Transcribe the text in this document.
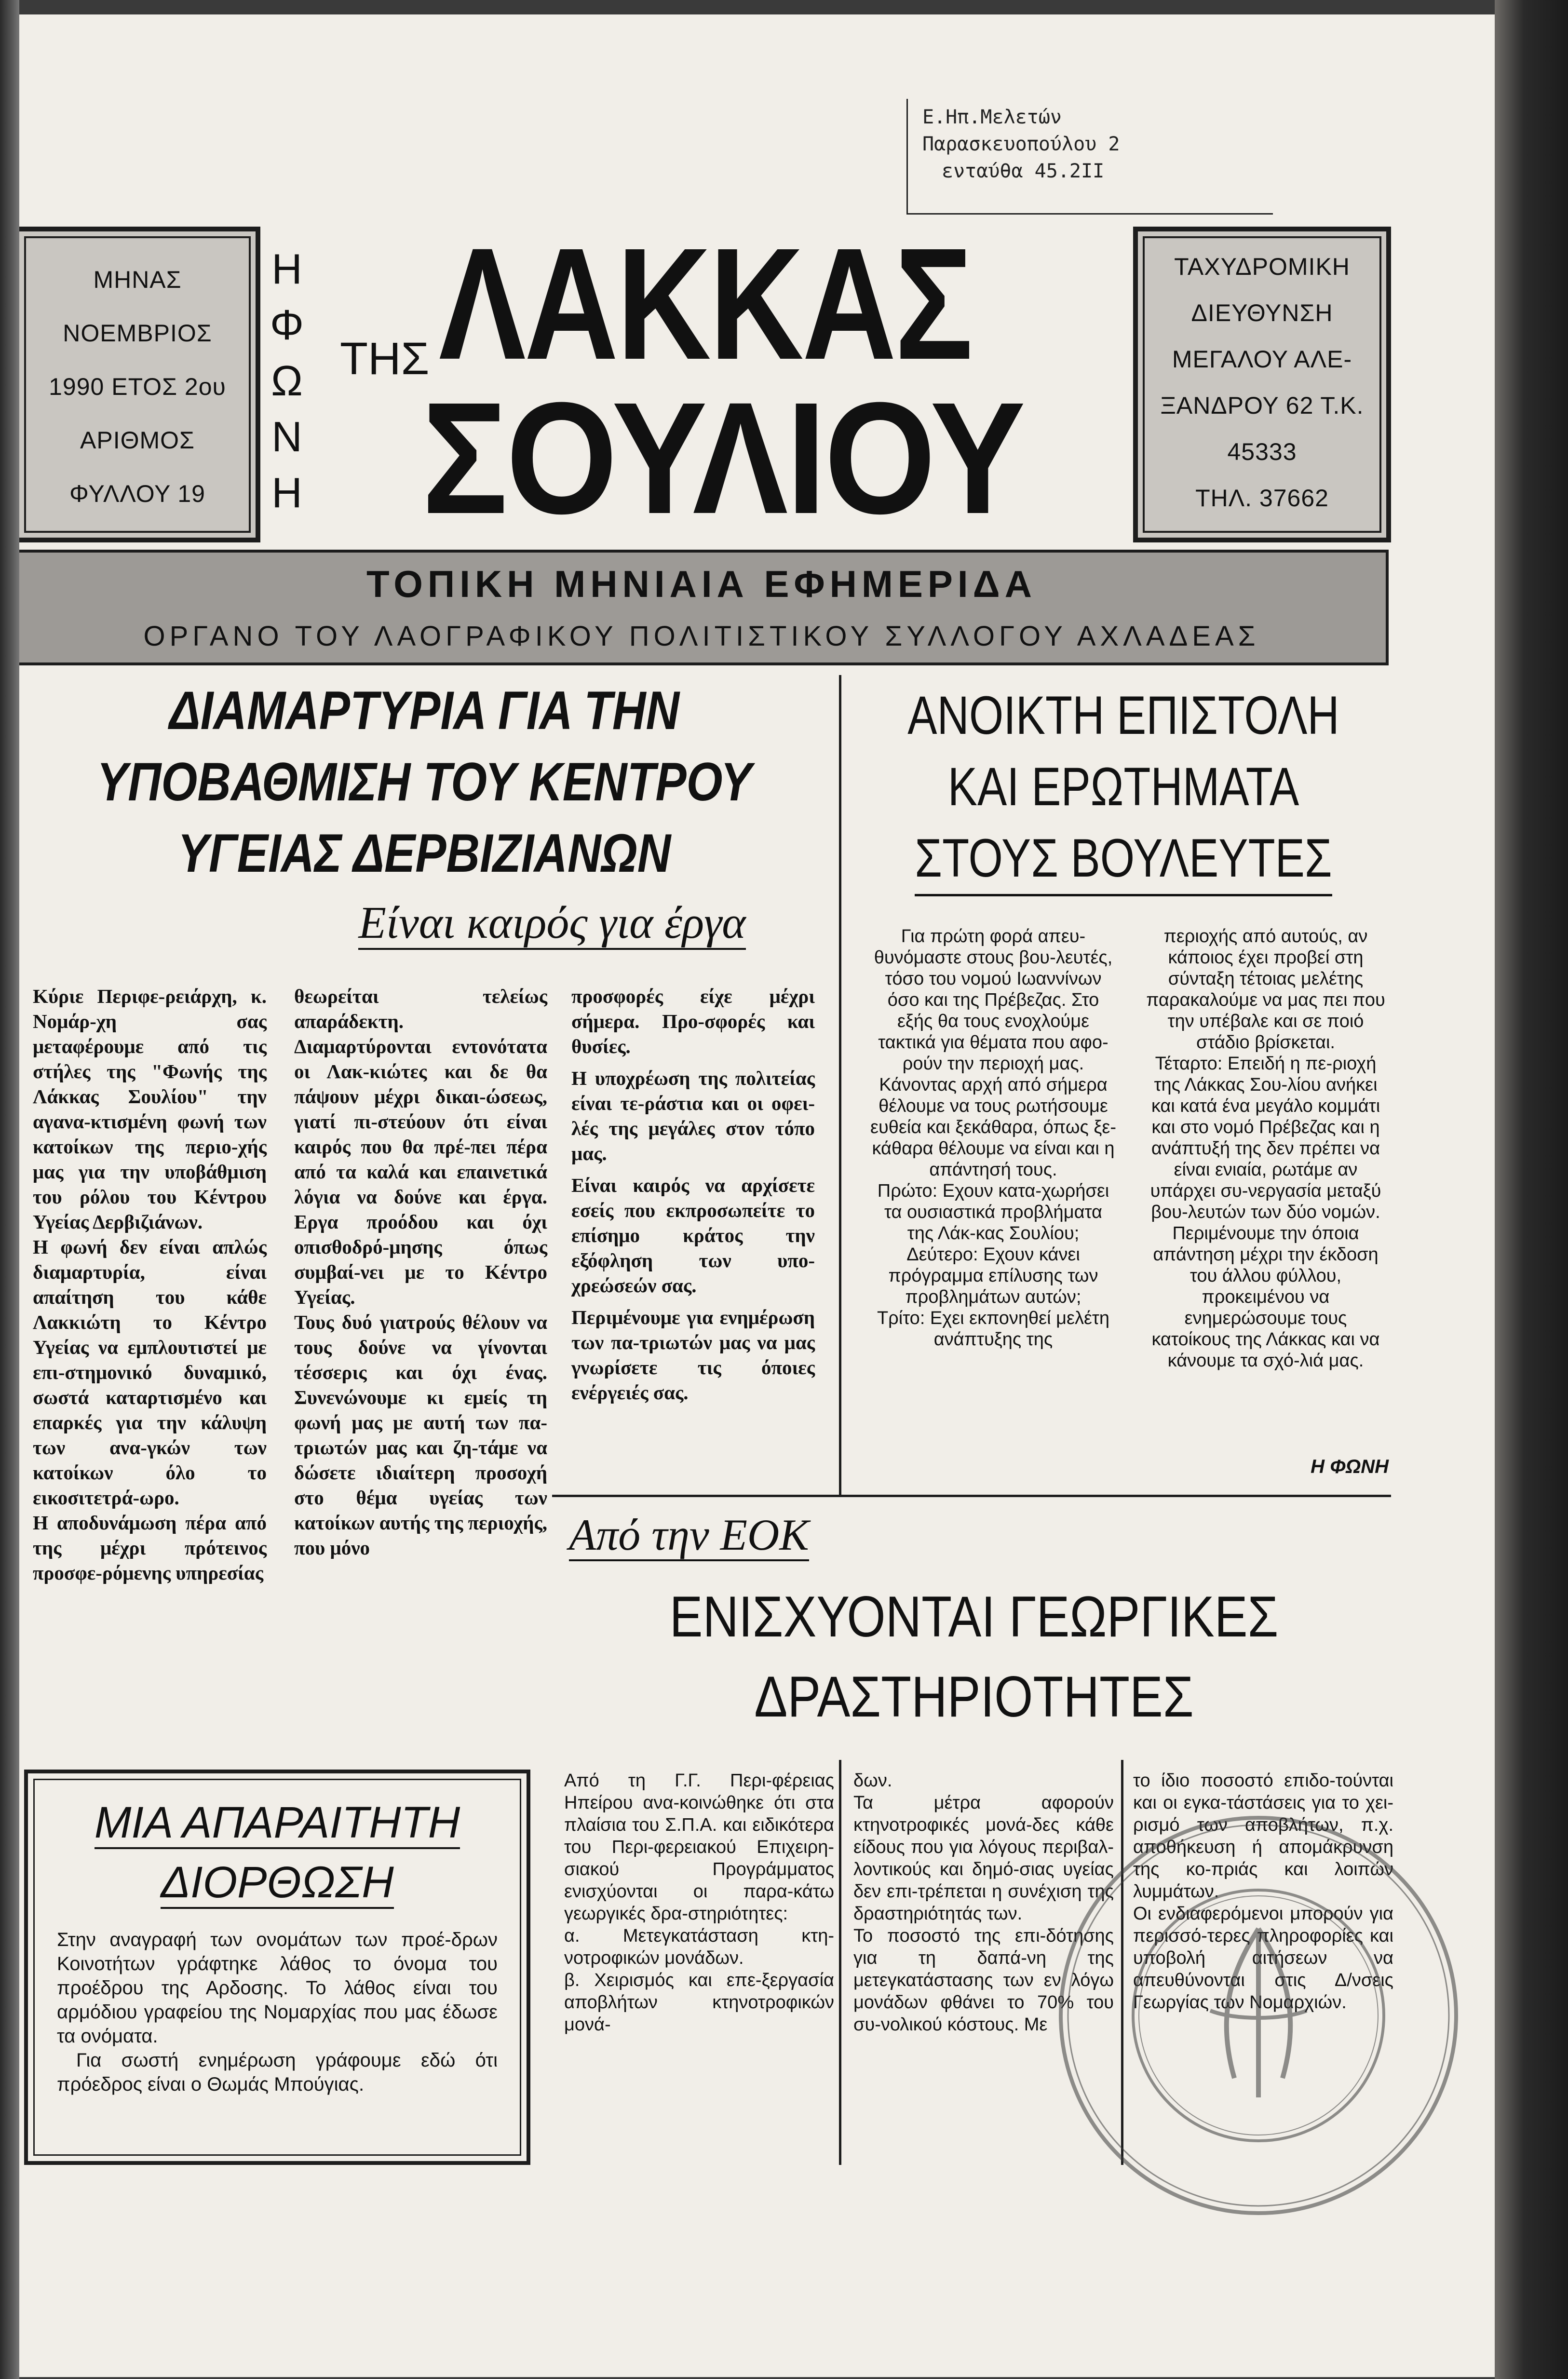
Ε.Ηπ.Μελετών
Παρασκευοπούλου 2
ενταύθα 45.2ΙΙ
ΜΗΝΑΣ
ΝΟΕΜΒΡΙΟΣ
1990 ΕΤΟΣ 2ου
ΑΡΙΘΜΟΣ
ΦΥΛΛΟΥ 19
ΤΑΧΥΔΡΟΜΙΚΗ
ΔΙΕΥΘΥΝΣΗ
ΜΕΓΑΛΟΥ ΑΛΕ-
ΞΑΝΔΡΟΥ 62 Τ.Κ.
45333
ΤΗΛ. 37662
Η
Φ
Ω
Ν
Η
ΤΗΣ ΛΑΚΚΑΣ
ΣΟΥΛΙΟΥ
ΤΟΠΙΚΗ ΜΗΝΙΑΙΑ ΕΦΗΜΕΡΙΔΑ
ΟΡΓΑΝΟ ΤΟΥ ΛΑΟΓΡΑΦΙΚΟΥ ΠΟΛΙΤΙΣΤΙΚΟΥ ΣΥΛΛΟΓΟΥ ΑΧΛΑΔΕΑΣ
ΔΙΑΜΑΡΤΥΡΙΑ ΓΙΑ ΤΗΝ
ΥΠΟΒΑΘΜΙΣΗ ΤΟΥ ΚΕΝΤΡΟΥ
ΥΓΕΙΑΣ ΔΕΡΒΙΖΙΑΝΩΝ
Είναι καιρός για έργα

Κύριε Περιφε-ρειάρχη, κ. Νομάρ-χη σας μεταφέρουμε από τις στήλες της "Φωνής της Λάκκας Σουλίου" την αγανα-κτισμένη φωνή των κατοίκων της περιο-χής μας για την υποβάθμιση του ρόλου του Κέντρου Υγείας Δερβιζιάνων.

Η φωνή δεν είναι απλώς διαμαρτυρία, είναι απαίτηση του κάθε Λακκιώτη το Κέντρο Υγείας να εμπλουτιστεί με επι-στημονικό δυναμικό, σωστά καταρτισμένο και επαρκές για την κάλυψη των ανα-γκών των κατοίκων όλο το εικοσιτετρά-ωρο.

Η αποδυνάμωση πέρα από της μέχρι πρότεινος προσφε-ρόμενης υπηρεσίας

θεωρείται τελείως απαράδεκτη.

Διαμαρτύρονται εντονότατα οι Λακ-κιώτες και δε θα πάψουν μέχρι δικαι-ώσεως, γιατί πι-στεύουν ότι είναι καιρός που θα πρέ-πει πέρα από τα καλά και επαινετικά λόγια να δούνε και έργα. Εργα προόδου και όχι οπισθοδρό-μησης όπως συμβαί-νει με το Κέντρο Υγείας.

Τους δυό γιατρούς θέλουν να τους δούνε να γίνονται τέσσερις και όχι ένας. Συνενώνουμε κι εμείς τη φωνή μας με αυτή των πα-τριωτών μας και ζη-τάμε να δώσετε ιδιαίτερη προσοχή στο θέμα υγείας των κατοίκων αυτής της περιοχής, που μόνο

προσφορές είχε μέχρι σήμερα. Προ-σφορές και θυσίες.

Η υποχρέωση της πολιτείας είναι τε-ράστια και οι οφει-λές της μεγάλες στον τόπο μας.

Είναι καιρός να αρχίσετε εσείς που εκπροσωπείτε το επίσημο κράτος την εξόφληση των υπο-χρεώσεών σας.

Περιμένουμε για ενημέρωση των πα-τριωτών μας να μας γνωρίσετε τις όποιες ενέργειές σας.

ΑΝΟΙΚΤΗ ΕΠΙΣΤΟΛΗ
ΚΑΙ ΕΡΩΤΗΜΑΤΑ
ΣΤΟΥΣ ΒΟΥΛΕΥΤΕΣ

Για πρώτη φορά απευ-θυνόμαστε στους βου-λευτές, τόσο του νομού Ιωαννίνων όσο και της Πρέβεζας. Στο εξής θα τους ενοχλούμε τακτικά για θέματα που αφο-ρούν την περιοχή μας.

Κάνοντας αρχή από σήμερα θέλουμε να τους ρωτήσουμε ευθεία και ξεκάθαρα, όπως ξε-κάθαρα θέλουμε να είναι και η απάντησή τους.

Πρώτο: Εχουν κατα-χωρήσει τα ουσιαστικά προβλήματα της Λάκ-κας Σουλίου;

Δεύτερο: Εχουν κάνει πρόγραμμα επίλυσης των προβλημάτων αυτών;

Τρίτο: Εχει εκπονηθεί μελέτη ανάπτυξης της

περιοχής από αυτούς, αν κάποιος έχει προβεί στη σύνταξη τέτοιας μελέτης παρακαλούμε να μας πει που την υπέβαλε και σε ποιό στάδιο βρίσκεται.

Τέταρτο: Επειδή η πε-ριοχή της Λάκκας Σου-λίου ανήκει και κατά ένα μεγάλο κομμάτι και στο νομό Πρέβεζας και η ανάπτυξή της δεν πρέπει να είναι ενιαία, ρωτάμε αν υπάρχει συ-νεργασία μεταξύ βου-λευτών των δύο νομών.

Περιμένουμε την όποια απάντηση μέχρι την έκδοση του άλλου φύλλου, προκειμένου να ενημερώσουμε τους κατοίκους της Λάκκας και να κάνουμε τα σχό-λιά μας.

Η ΦΩΝΗ
Από την ΕΟΚ
ΕΝΙΣΧΥΟΝΤΑΙ ΓΕΩΡΓΙΚΕΣ
ΔΡΑΣΤΗΡΙΟΤΗΤΕΣ

Από τη Γ.Γ. Περι-φέρειας Ηπείρου ανα-κοινώθηκε ότι στα πλαίσια του Σ.Π.Α. και ειδικότερα του Περι-φερειακού Επιχειρη-σιακού Προγράμματος ενισχύονται οι παρα-κάτω γεωργικές δρα-στηριότητες:

α. Μετεγκατάσταση κτη-νοτροφικών μονάδων.

β. Χειρισμός και επε-ξεργασία αποβλήτων κτηνοτροφικών μονά-

δων.

Τα μέτρα αφορούν κτηνοτροφικές μονά-δες κάθε είδους που για λόγους περιβαλ-λοντικούς και δημό-σιας υγείας δεν επι-τρέπεται η συνέχιση της δραστηριότητάς των.

Το ποσοστό της επι-δότησης για τη δαπά-νη της μετεγκατάστασης των εν λόγω μονάδων φθάνει το 70% του συ-νολικού κόστους. Με

το ίδιο ποσοστό επιδο-τούνται και οι εγκα-τάστάσεις για το χει-ρισμό των αποβλήτων, π.χ. αποθήκευση ή απομάκρυνση της κο-πριάς και λοιπών λυμμάτων.

Οι ενδιαφερόμενοι μπορούν για περισσό-τερες πληροφορίες και υποβολή αιτήσεων να απευθύνονται στις Δ/νσεις Γεωργίας των Νομαρχιών.

ΜΙΑ ΑΠΑΡΑΙΤΗΤΗ
ΔΙΟΡΘΩΣΗ

Στην αναγραφή των ονομάτων των προέ-δρων Κοινοτήτων γράφτηκε λάθος το όνομα του προέδρου της Αρδοσης. Το λάθος είναι του αρμόδιου γραφείου της Νομαρχίας που μας έδωσε τα ονόματα.

Για σωστή ενημέρωση γράφουμε εδώ ότι πρόεδρος είναι ο Θωμάς Μπούγιας.
